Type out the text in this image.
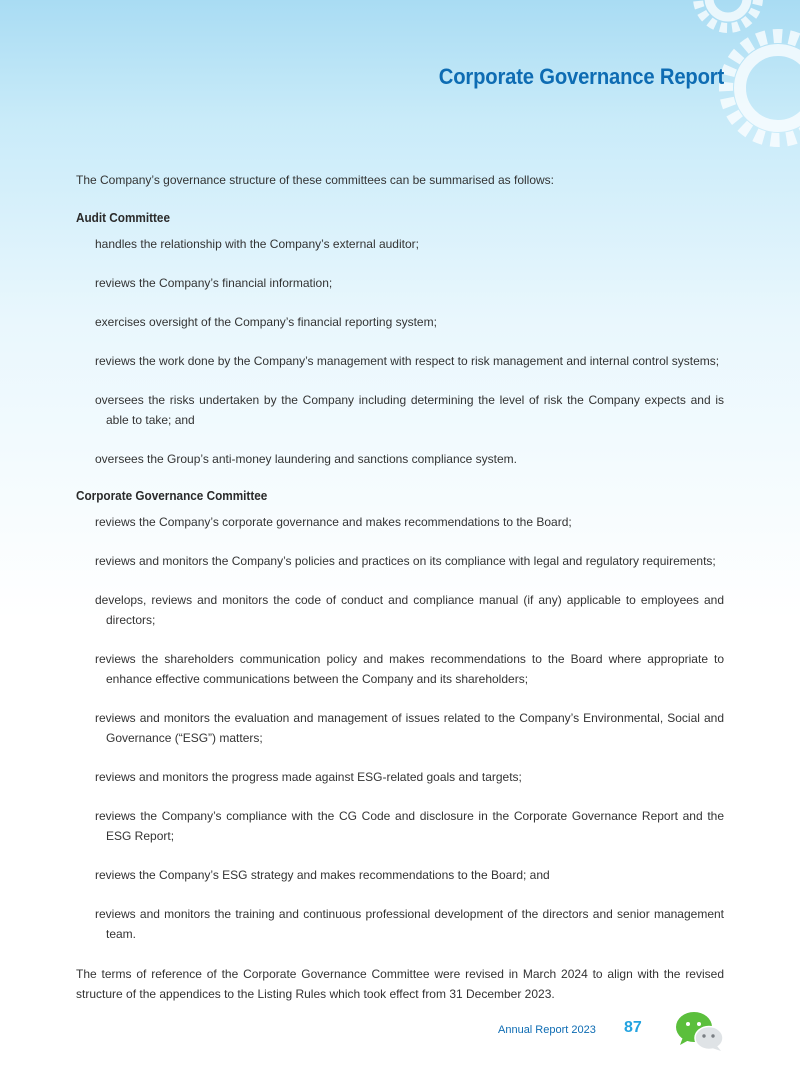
Corporate Governance Report

The Company’s governance structure of these committees can be summarised as follows:

Audit Committee
handles the relationship with the Company’s external auditor;
reviews the Company’s financial information;
exercises oversight of the Company’s financial reporting system;
reviews the work done by the Company’s management with respect to risk management and internal control systems;
oversees the risks undertaken by the Company including determining the level of risk the Company expects and is able to take; and
oversees the Group’s anti-money laundering and sanctions compliance system.
Corporate Governance Committee
reviews the Company’s corporate governance and makes recommendations to the Board;
reviews and monitors the Company’s policies and practices on its compliance with legal and regulatory requirements;
develops, reviews and monitors the code of conduct and compliance manual (if any) applicable to employees and directors;
reviews the shareholders communication policy and makes recommendations to the Board where appropriate to enhance effective communications between the Company and its shareholders;
reviews and monitors the evaluation and management of issues related to the Company’s Environmental, Social and Governance (“ESG”) matters;
reviews and monitors the progress made against ESG-related goals and targets;
reviews the Company’s compliance with the CG Code and disclosure in the Corporate Governance Report and the ESG Report;
reviews the Company’s ESG strategy and makes recommendations to the Board; and
reviews and monitors the training and continuous professional development of the directors and senior management team.

The terms of reference of the Corporate Governance Committee were revised in March 2024 to align with the revised structure of the appendices to the Listing Rules which took effect from 31 December 2023.

Annual Report 2023 87
